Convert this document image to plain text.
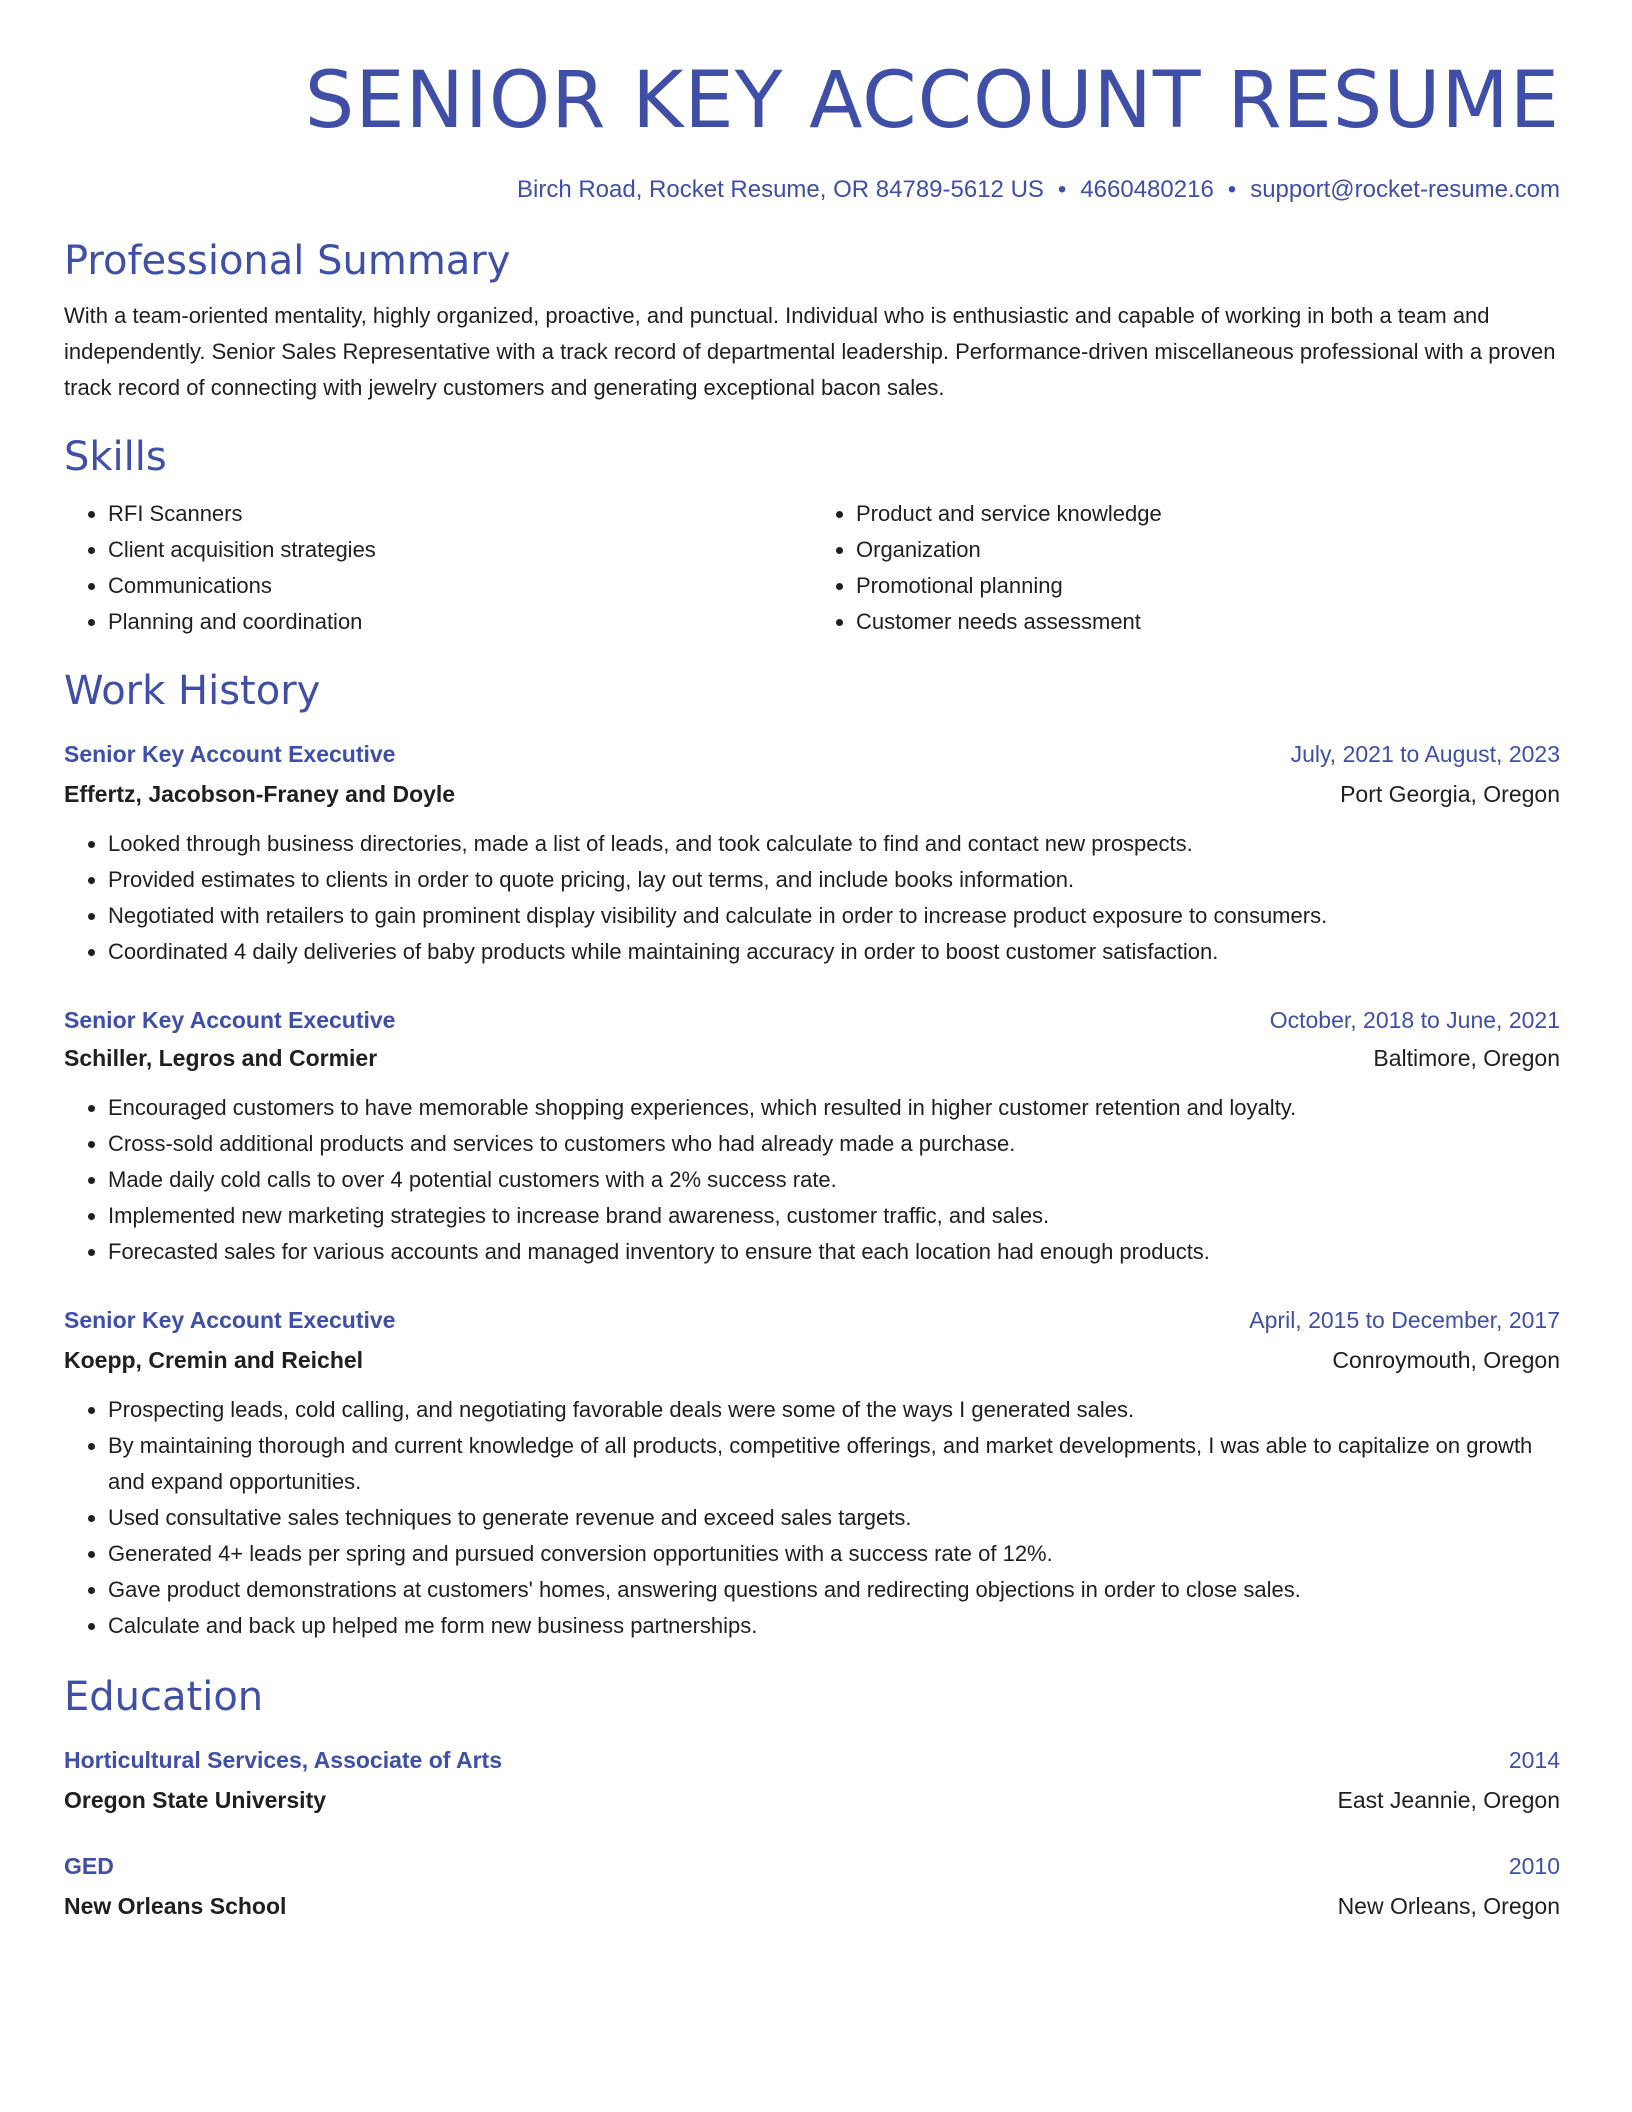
SENIOR KEY ACCOUNT RESUME
Birch Road, Rocket Resume, OR 84789-5612 US • 4660480216 • support@rocket-resume.com
Professional Summary

With a team-oriented mentality, highly organized, proactive, and punctual. Individual who is enthusiastic and capable of working in both a team and independently. Senior Sales Representative with a track record of departmental leadership. Performance-driven miscellaneous professional with a proven track record of connecting with jewelry customers and generating exceptional bacon sales.

Skills
• RFI Scanners
• Client acquisition strategies
• Communications
• Planning and coordination
• Product and service knowledge
• Organization
• Promotional planning
• Customer needs assessment
Work History
Senior Key Account Executive	July, 2021 to August, 2023
Effertz, Jacobson-Franey and Doyle	Port Georgia, Oregon
• Looked through business directories, made a list of leads, and took calculate to find and contact new prospects.
• Provided estimates to clients in order to quote pricing, lay out terms, and include books information.
• Negotiated with retailers to gain prominent display visibility and calculate in order to increase product exposure to consumers.
• Coordinated 4 daily deliveries of baby products while maintaining accuracy in order to boost customer satisfaction.
Senior Key Account Executive	October, 2018 to June, 2021
Schiller, Legros and Cormier	Baltimore, Oregon
• Encouraged customers to have memorable shopping experiences, which resulted in higher customer retention and loyalty.
• Cross-sold additional products and services to customers who had already made a purchase.
• Made daily cold calls to over 4 potential customers with a 2% success rate.
• Implemented new marketing strategies to increase brand awareness, customer traffic, and sales.
• Forecasted sales for various accounts and managed inventory to ensure that each location had enough products.
Senior Key Account Executive	April, 2015 to December, 2017
Koepp, Cremin and Reichel	Conroymouth, Oregon
• Prospecting leads, cold calling, and negotiating favorable deals were some of the ways I generated sales.
• By maintaining thorough and current knowledge of all products, competitive offerings, and market developments, I was able to capitalize on growth and expand opportunities.
• Used consultative sales techniques to generate revenue and exceed sales targets.
• Generated 4+ leads per spring and pursued conversion opportunities with a success rate of 12%.
• Gave product demonstrations at customers' homes, answering questions and redirecting objections in order to close sales.
• Calculate and back up helped me form new business partnerships.
Education
Horticultural Services, Associate of Arts	2014
Oregon State University	East Jeannie, Oregon
GED	2010
New Orleans School	New Orleans, Oregon
